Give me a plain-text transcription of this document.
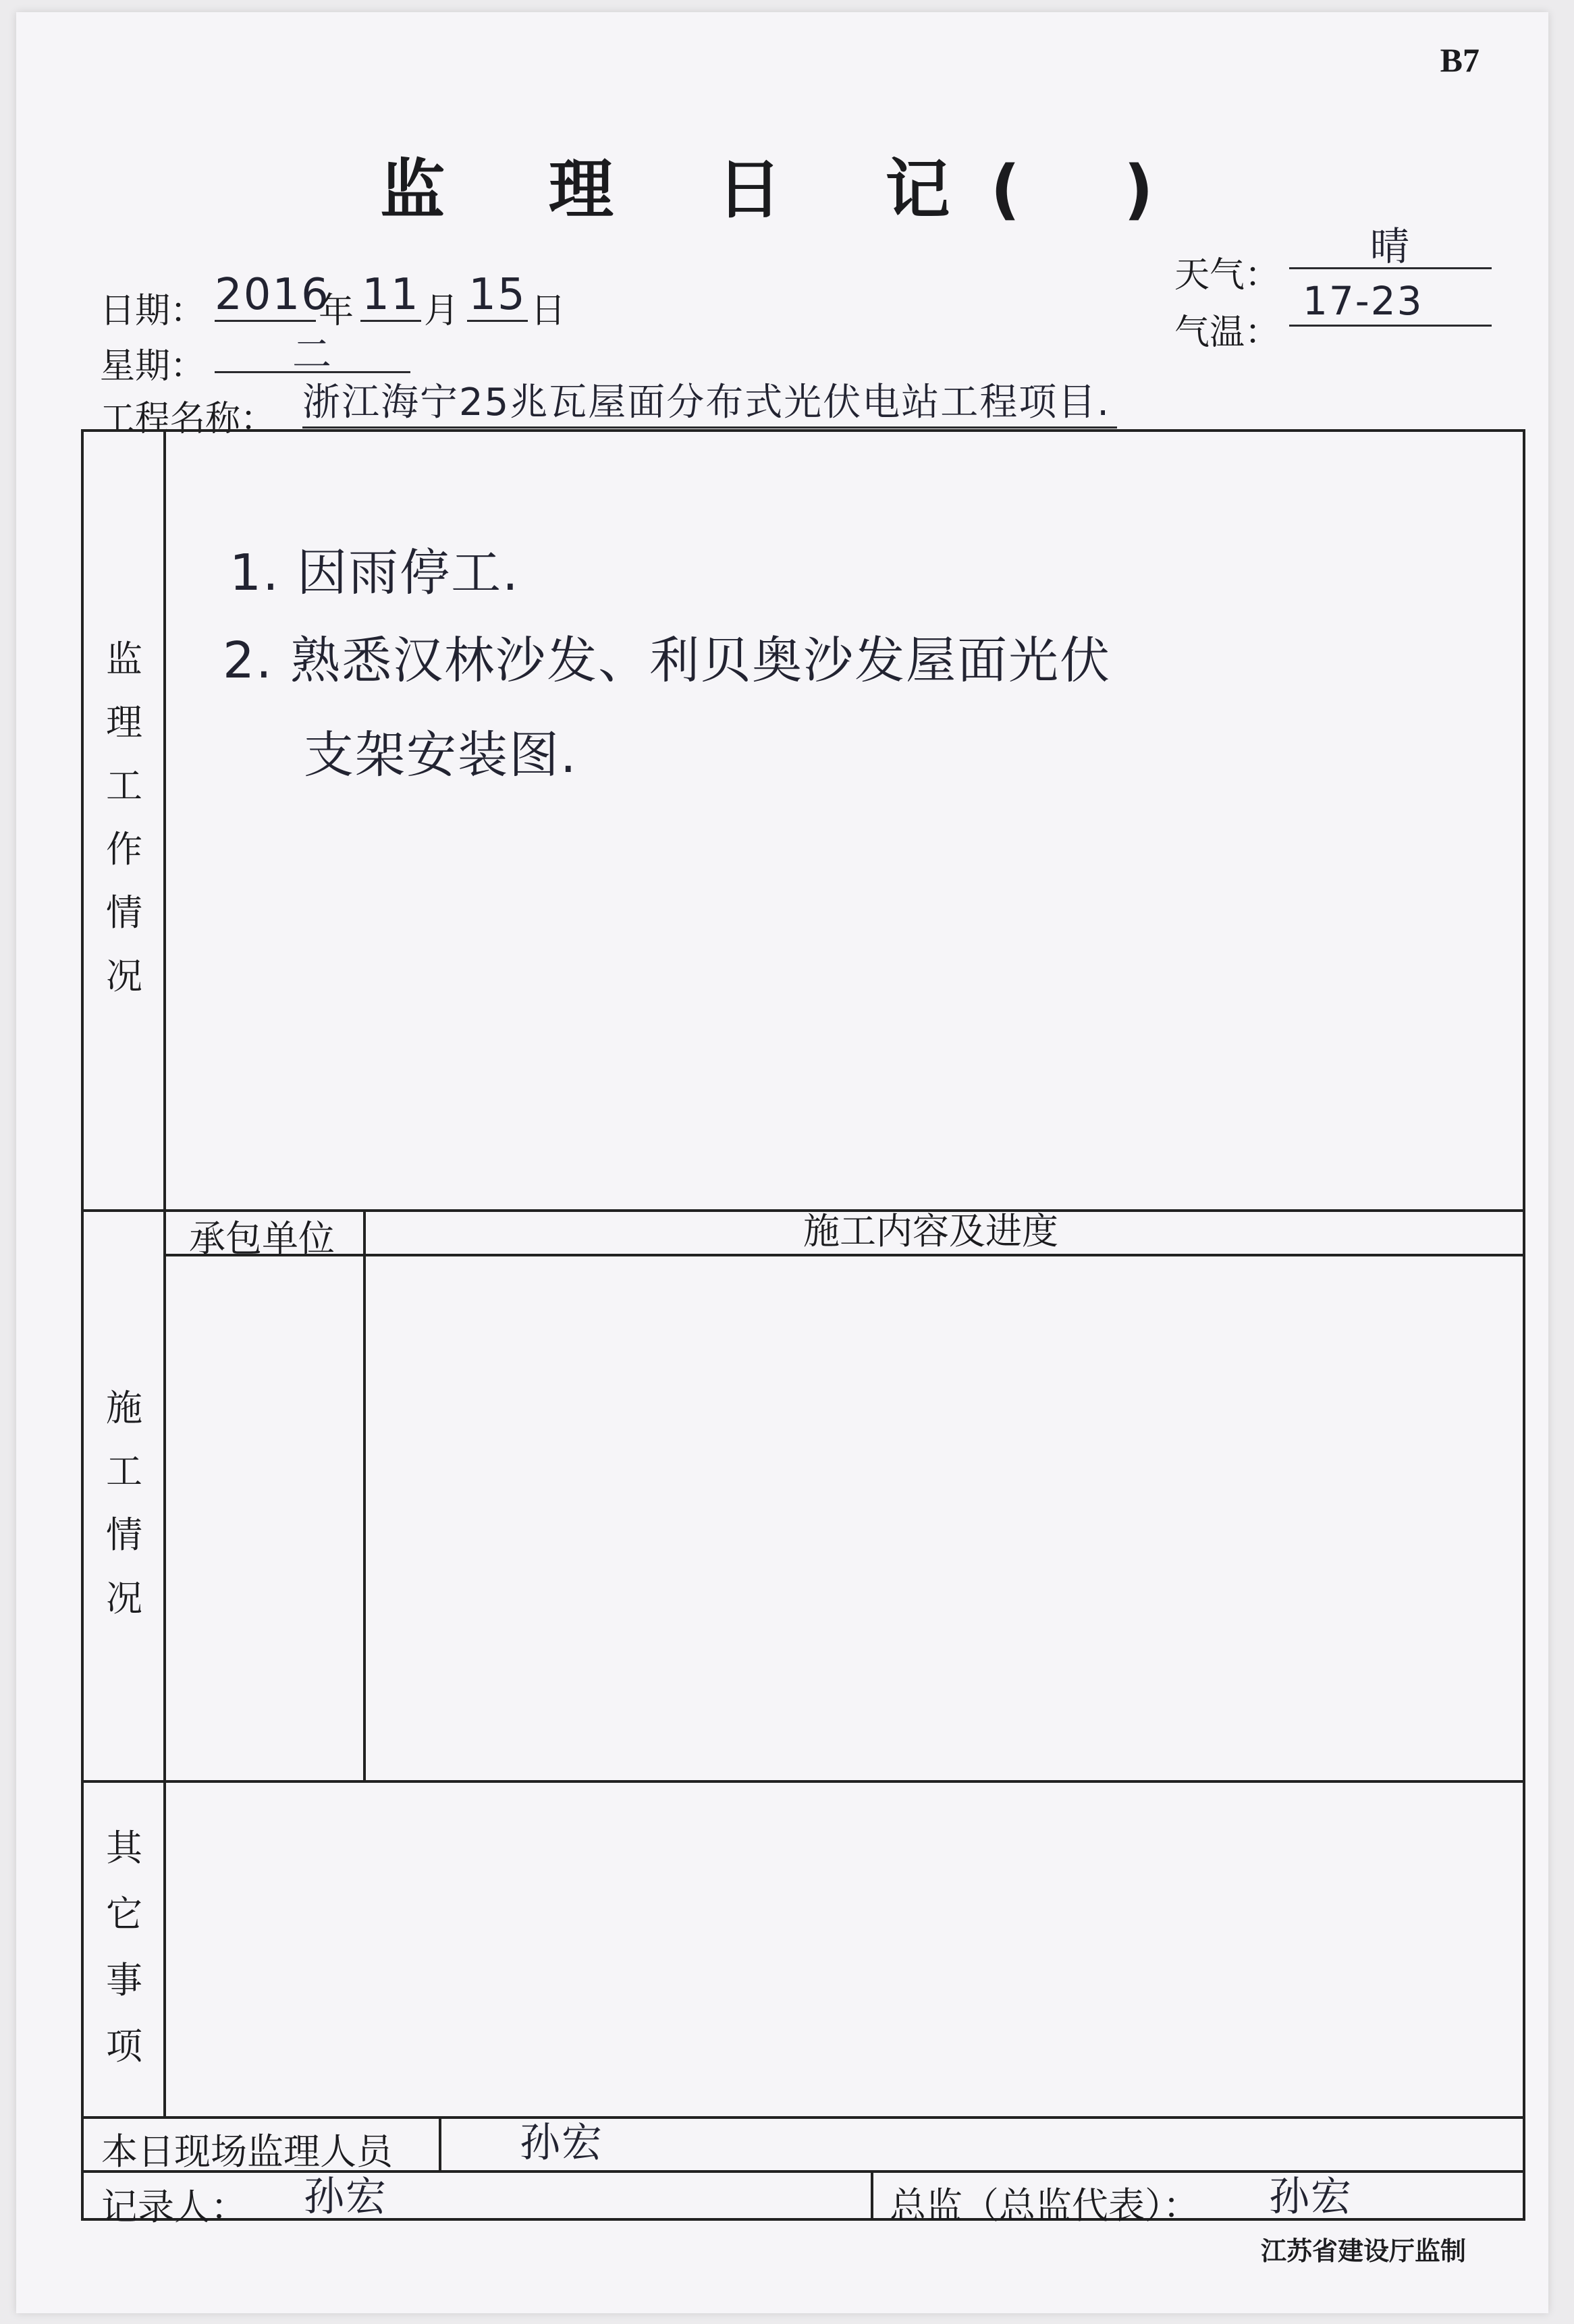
B7
监 理 日 记( )
日期： 2016
年 11 月 15 日
星期：	二
天气：
晴
气温：
17-23
工程名称： 浙江海宁25兆瓦屋面分布式光伏电站工程项目.
监
理
工
作
情
况
1. 因雨停工.
2. 熟悉汉林沙发、利贝奥沙发屋面光伏
支架安装图.
承包单位	施工内容及进度
施
工
情
况
其
它
事
项
本日现场监理人员	孙宏
记录人： 孙宏	总监（总监代表）： 孙宏
江苏省建设厅监制
